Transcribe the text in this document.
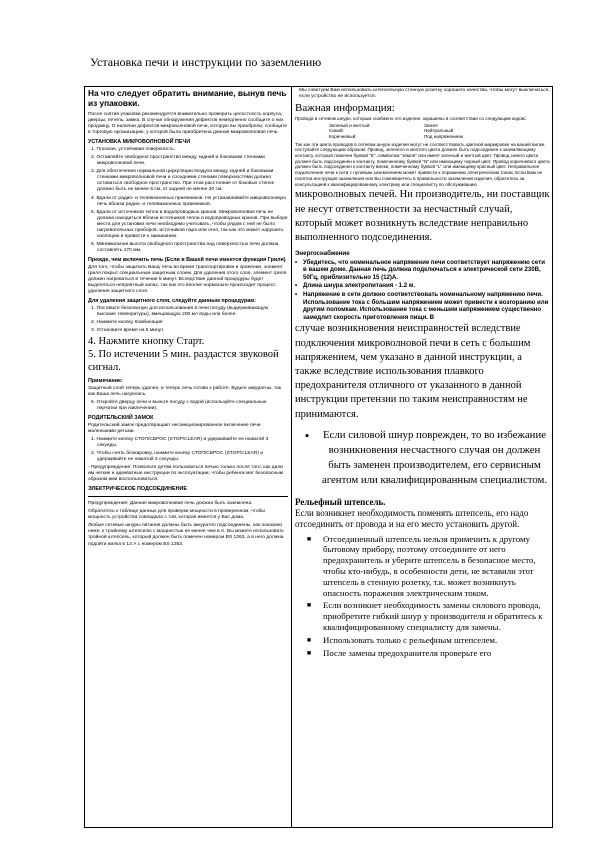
Установка печи и инструкции по заземлению
На что следует обратить внимание, вынув печь из упаковки.
После снятия упаковки рекомендуется внимательно проверить целостность корпуса, дверцы, петель, замка. В случае обнаружения дефектов немедленно сообщите о них продавцу. О наличии дефектов микроволновой печи, которую вы приобрели, сообщите в торговую организацию, у которой была приобретена данная микроволновая печь.
УСТАНОВКА МИКРОВОЛНОВОЙ ПЕЧИ
1. Плоская, устойчивая поверхность.
2. Оставляйте свободное пространство между задней и боковыми стенками микроволновой печи.
3. Для обеспечения нормальной циркуляции воздуха между задней и боковыми стенками микроволновой печи и соседними стенами поверхностями должно оставаться свободное пространство. При этом расстояние от боковых стенок должно быть не менее 5 см, от задней не менее 20 см.
4. Вдали от радио- и телевизионных приемников. Не устанавливайте микроволновую печь вблизи радио- и телевизионных приемников.
5. Вдали от источников тепла и водопроводных кранов. Микроволновая печь не должна находиться вблизи источников тепла и водопроводных кранов. При выборе места для установки печи необходимо учитывать, чтобы рядом с ней не было нагревательных приборов, источников пара или огня, так как это может нарушить изоляцию и привести к замыканию.
6. Минимальная высота свободного пространства над поверхностью печи должна составлять 170 мм.
Прежде, чем включить печь (Если в Вашей печи имеется функция Гриля)
Для того, чтобы защитить Вашу печь во время транспортировки и хранения, элемент гриля покрыт специальным защитным слоем. Для удаления этого слоя, элемент гриля должен нагреваться в течение 5 минут. Вследствие данной процедуры будет выделяться неприятный запах, так как это вполне нормально происходит процесс удаления защитного слоя.
Для удаления защитного слоя, следуйте данным процедурам:
1. Поставьте безопасную для использования в печи посуду (выдерживающую высокие температуры), вмещающую 200 мл воды или более.
2. Нажмите кнопку Комбинация
3. Установите время на 5 минут.
4. Нажмите кнопку Старт.
5. По истечении 5 мин. раздастся звуковой сигнал.
Примечание:
Защитный слой теперь удален, и теперь печь готова к работе. Будьте аккуратны, так как Ваша печь нагрелась.
6. Откройте дверцу печи и выньте посуду с водой (используйте специальные перчатки при извлечении).
РОДИТЕЛЬСКИЙ ЗАМОК
Родительский замок предотвращает несанкционированное включение печи маленькими детьми.
1. Нажмите кнопку СТОП/СБРОС (STOP/CLEAR) и удерживайте ее нажатой 3 секунды.
2. Чтобы снять блокировку, нажмите кнопку СТОП/СБРОС (STOP/CLEAR) и удерживайте ее нажатой 3 секунды.
- Предупреждение: Позвольте детям пользоваться печью только после того, как дали им четкие и адекватные инструкции по эксплуатации, чтобы ребенок мог безопасным образом ими воспользоваться.
ЭЛЕКТРИЧЕСКОЕ ПОДСОЕДИНЕНИЕ
Предупреждение: Данная микроволновая печь должна быть заземлена.
Обратитесь к таблице данных для проверки мощности в проверенном, чтобы мощность устройства совпадала с той, которая имеется у Вас дома.
Любые сетевые шнуры питания должны быть аккуратно подсоединены, как показано ниже, к тройному штепселю с мощностью не менее чем в А. Вы можете использовать тройной штепсель, который должен быть помечен номером BS 1363, а в него должна подойти вилка в 13 А с номером BS 1363.
Мы советуем Вам использовать штепсельную стенную розетку хорошего качества, чтобы могут выключаться, если устройство не используется.
Важная информация:
Провода в сетевом шнуре, которым снабжено это изделие, окрашены в соответствии со следующим кодом:
Зеленый и желтый:	Земля
Синий:	Нейтральный
Коричневый:	Под напряжением
Так как эти цвета проводов в сетевом шнуре изделия могут не соответствовать цветной маркировке на вашей вилке, поступайте следующим образом: Провод, зеленого и желтого цвета должен быть подсоединен к заземляющему контакту, который помечен буквой "E", символом "земля" или имеет зеленый и желтый цвет. Провод синего цвета должен быть подсоединен к контакту, помеченному буквой "N" или имеющему черный цвет. Провод коричневого цвета должен быть подсоединен к контакту вилки, помеченному буквой "L" или имеющему красный цвет. Неправильное подключение печи к сети с нулевым заземлением может привести к поражению электрическим током. Если Вам не понятна инструкция заземления или Вы сомневаетесь в правильности заземления изделия, обратитесь за консультацией к квалифицированному электрику или специалисту по обслуживанию
микроволновых печей. Ни производитель, ни поставщик не несут ответственности за несчастный случай, который может возникнуть вследствие неправильно выполненного подсоединения.
Энергоснабжение
• Убедитесь, что номинальное напряжение печи соответствует напряжению сети в вашем доме. Данная печь должна подключаться к электрической сети 230В, 50Гц, приблизительно 15 (12)А.
• Длина шнура электропитания - 1.2 м.
• Напряжение в сети должно соответствовать номинальному напряжению печи. Использование тока с большим напряжением может привести к возгоранию или другим поломкам. Использование тока с меньшим напряжением существенно замедлит скорость приготовления пищи. В
случае возникновения неисправностей вследствие подключения микроволновой печи в сеть с большим напряжением, чем указано в данной инструкции, а также вследствие использования плавкого предохранителя отличного от указанного в данной инструкции претензии по таким неисправностям не принимаются.
•	Если силовой шнур поврежден, то во избежание возникновения несчастного случая он должен быть заменен производителем, его сервисным агентом или квалифицированным специалистом.
Рельефный штепсель.
Если возникнет необходимость поменять штепсель, его надо отсоединить от провода и на его место установить другой.
■	Отсоединенный штепсель нельзя применить к другому бытовому прибору, поэтому отсоедините от него предохранитель и уберите штепсель в безопасное место, чтобы кто-нибудь, в особенности дети, не вставили этот штепсель в стенную розетку, т.к. может возникнуть опасность поражения электрическим током.
■	Если возникнет необходимость замены силового провода, приобретите гибкий шнур у производителя и обратитесь к квалифицированному специалисту для замены.
■	Использовать только с рельефным штепселем.
■	После замены предохранителя проверьте его
